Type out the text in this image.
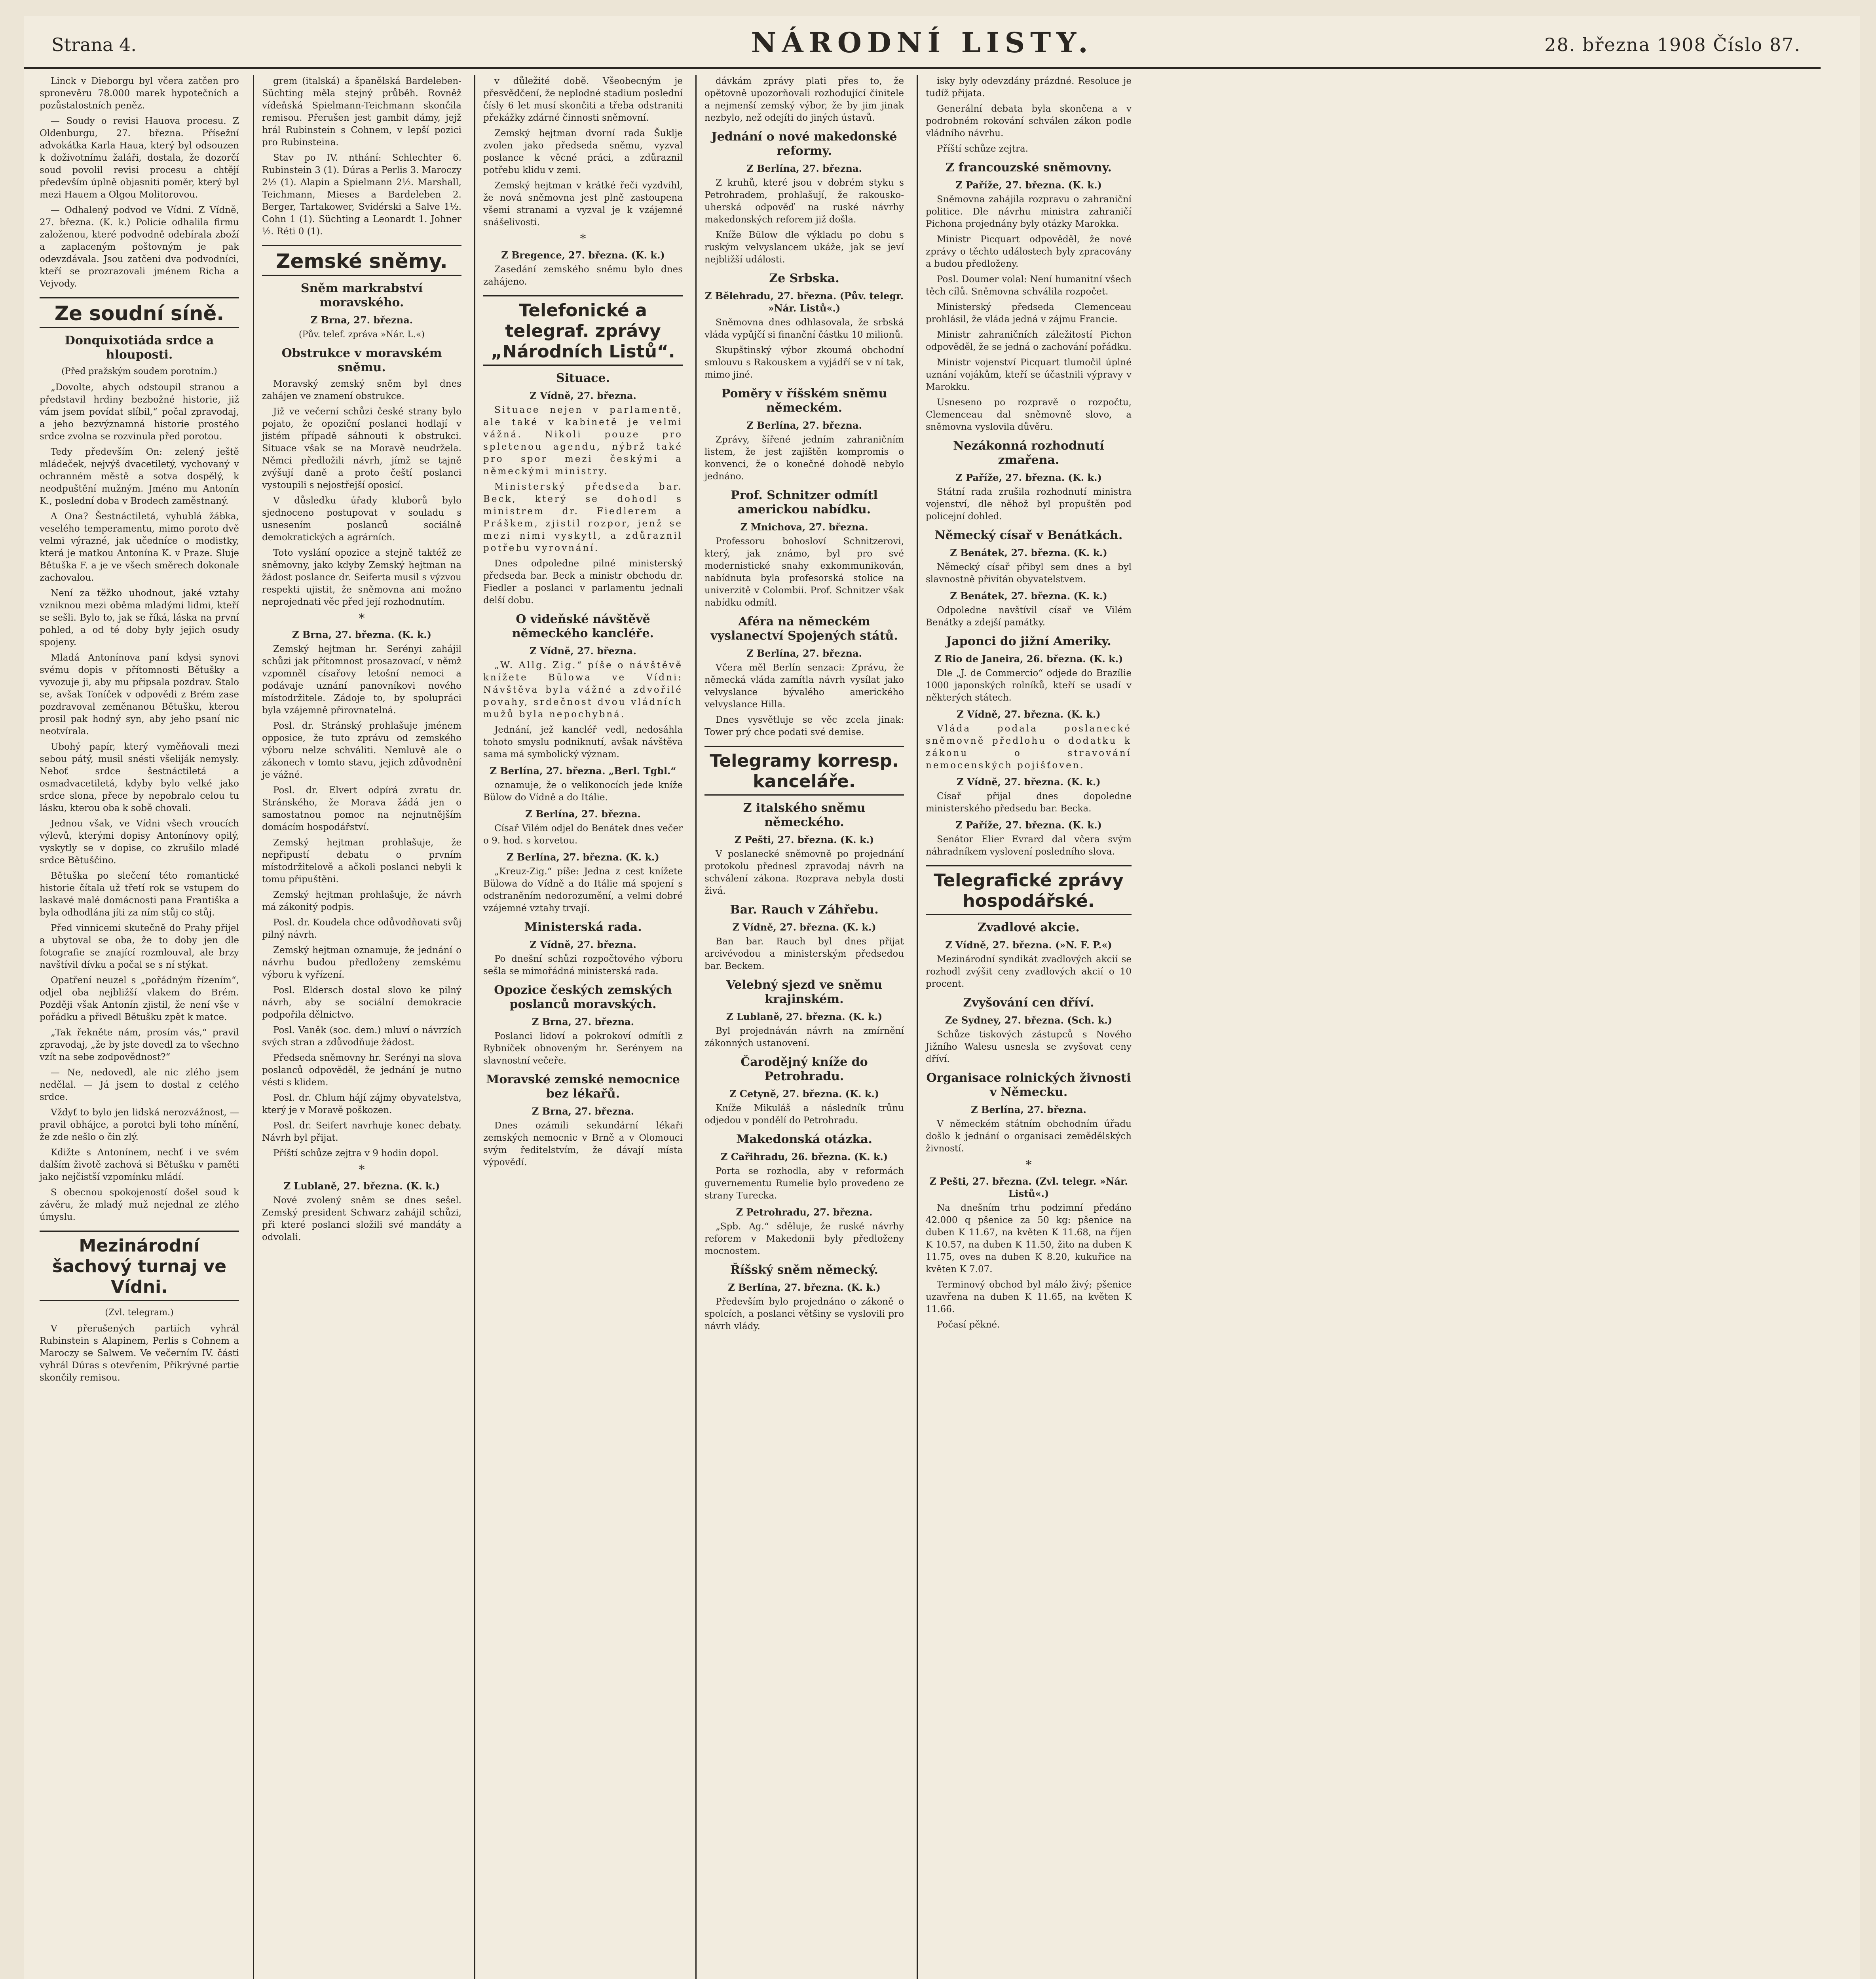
Strana 4.	NÁRODNÍ LISTY.	28. března 1908 Číslo 87.

Linck v Dieborgu byl včera zatčen pro spronevěru 78.000 marek hypotečních a pozůstalostních peněz.

— Soudy o revisi Hauova procesu. Z Oldenburgu, 27. března. Přísežní advokátka Karla Haua, který byl odsouzen k doživotnímu žaláři, dostala, že dozorčí soud povolil revisi procesu a chtějí především úplně objasniti poměr, který byl mezi Hauem a Olgou Molitorovou.

— Odhalený podvod ve Vídni. Z Vídně, 27. března. (K. k.) Policie odhalila firmu založenou, které podvodně odebírala zboží a zaplaceným poštovným je pak odevzdávala. Jsou zatčeni dva podvodníci, kteří se prozrazovali jménem Richa a Vejvody.

Ze soudní síně.
Donquixotiáda srdce a hlouposti.
(Před pražským soudem porotním.)

„Dovolte, abych odstoupil stranou a představil hrdiny bezbožné historie, již vám jsem povídat slíbil,“ počal zpravodaj, a jeho bezvýznamná historie prostého srdce zvolna se rozvinula před porotou.

Tedy především On: zelený ještě mládeček, nejvýš dvacetiletý, vychovaný v ochranném městě a sotva dospělý, k neodpuštění mužným. Jméno mu Antonín K., poslední doba v Brodech zaměstnaný.

A Ona? Šestnáctiletá, vyhublá žábka, veselého temperamentu, mimo poroto dvě velmi výrazné, jak učedníce o modistky, která je matkou Antonína K. v Praze. Sluje Bětuška F. a je ve všech směrech dokonale zachovalou.

Není za těžko uhodnout, jaké vztahy vzniknou mezi oběma mladými lidmi, kteří se sešli. Bylo to, jak se říká, láska na první pohled, a od té doby byly jejich osudy spojeny.

Mladá Antonínova paní kdysi synovi svému dopis v přítomnosti Bětušky a vyvozuje ji, aby mu připsala pozdrav. Stalo se, avšak Toníček v odpovědi z Brém zase pozdravoval zeměnanou Bětušku, kterou prosil pak hodný syn, aby jeho psaní nic neotvírala.

Ubohý papír, který vyměňovali mezi sebou pátý, musil snésti všeliják nemysly. Neboť srdce šestnáctiletá a osmadvacetiletá, kdyby bylo velké jako srdce slona, přece by nepobralo celou tu lásku, kterou oba k sobě chovali.

Jednou však, ve Vídni všech vroucích výlevů, kterými dopisy Antonínovy opilý, vyskytly se v dopise, co zkrušilo mladé srdce Bětuščino.

Bětuška po slečení této romantické historie čítala už třetí rok se vstupem do laskavé malé domácnosti pana Františka a byla odhodlána jíti za ním stůj co stůj.

Před vinnicemi skutečně do Prahy přijel a ubytoval se oba, že to doby jen dle fotografie se znající rozmlouval, ale brzy navštívil dívku a počal se s ní stýkat.

Opatření neuzel s „pořádným řízením“, odjel oba nejbližší vlakem do Brém. Později však Antonín zjistil, že není vše v pořádku a přivedl Bětušku zpět k matce.

„Tak řekněte nám, prosím vás,“ pravil zpravodaj, „že by jste dovedl za to všechno vzít na sebe zodpovědnost?“

— Ne, nedovedl, ale nic zlého jsem nedělal. — Já jsem to dostal z celého srdce.

Vždyť to bylo jen lidská nerozvážnost, — pravil obhájce, a porotci byli toho mínění, že zde nešlo o čin zlý.

Kdižte s Antonínem, nechť i ve svém dalším životě zachová si Bětušku v paměti jako nejčistší vzpomínku mládí.

S obecnou spokojeností došel soud k závěru, že mladý muž nejednal ze zlého úmyslu.

Mezinárodní šachový turnaj ve Vídni.
(Zvl. telegram.)

V přerušených partiích vyhrál Rubinstein s Alapinem, Perlis s Cohnem a Maroczy se Salwem. Ve večerním IV. části vyhrál Dúras s otevřením, Přikrývné partie skončily remisou.

grem (italská) a španělská Bardeleben-Süchting měla stejný průběh. Rovněž vídeňská Spielmann-Teichmann skončila remisou. Přerušen jest gambit dámy, jejž hrál Rubinstein s Cohnem, v lepší pozici pro Rubinsteina.

Stav po IV. nthání: Schlechter 6. Rubinstein 3 (1). Dúras a Perlis 3. Maroczy 2½ (1). Alapin a Spielmann 2½. Marshall, Teichmann, Mieses a Bardeleben 2. Berger, Tartakower, Svidérski a Salve 1½. Cohn 1 (1). Süchting a Leonardt 1. Johner ½. Réti 0 (1).

Zemské sněmy.
Sněm markrabství moravského.
Z Brna, 27. března.
(Pův. telef. zpráva »Nár. L.«)
Obstrukce v moravském sněmu.

Moravský zemský sněm byl dnes zahájen ve znamení obstrukce.

Již ve večerní schůzi české strany bylo pojato, že opoziční poslanci hodlají v jistém případě sáhnouti k obstrukci. Situace však se na Moravě neudržela. Němci předložili návrh, jímž se tajně zvýšují daně a proto čeští poslanci vystoupili s nejostřejší oposicí.

V důsledku úřady kluborů bylo sjednoceno postupovat v souladu s usnesením poslanců sociálně demokratických a agrárních.

Toto vyslání opozice a stejně taktéž ze sněmovny, jako kdyby Zemský hejtman na žádost poslance dr. Seiferta musil s výzvou respekti ujistit, že sněmovna ani možno neprojednati věc před její rozhodnutím.

*
Z Brna, 27. března. (K. k.)

Zemský hejtman hr. Serényi zahájil schůzi jak přítomnost prosazovací, v němž vzpomněl císařovy letošní nemoci a podávaje uznání panovníkovi nového místodržitele. Zádoje to, by spolupráci byla vzájemně přirovnatelná.

Posl. dr. Stránský prohlašuje jménem opposice, že tuto zprávu od zemského výboru nelze schváliti. Nemluvě ale o zákonech v tomto stavu, jejich zdůvodnění je vážné.

Posl. dr. Elvert odpírá zvratu dr. Stránského, že Morava žádá jen o samostatnou pomoc na nejnutnějším domácím hospodářství.

Zemský hejtman prohlašuje, že nepřipustí debatu o prvním místodržitelově a ačkoli poslanci nebyli k tomu připuštěni.

Zemský hejtman prohlašuje, že návrh má zákonitý podpis.

Posl. dr. Koudela chce odůvodňovati svůj pilný návrh.

Zemský hejtman oznamuje, že jednání o návrhu budou předloženy zemskému výboru k vyřízení.

Posl. Eldersch dostal slovo ke pilný návrh, aby se sociální demokracie podpořila dělnictvo.

Posl. Vaněk (soc. dem.) mluví o návrzích svých stran a zdůvodňuje žádost.

Předseda sněmovny hr. Serényi na slova poslanců odpověděl, že jednání je nutno vésti s klidem.

Posl. dr. Chlum hájí zájmy obyvatelstva, který je v Moravě poškozen.

Posl. dr. Seifert navrhuje konec debaty. Návrh byl přijat.

Příští schůze zejtra v 9 hodin dopol.

*
Z Lublaně, 27. března. (K. k.)

Nové zvolený sněm se dnes sešel. Zemský president Schwarz zahájil schůzi, při které poslanci složili své mandáty a odvolali.

v důležité době. Všeobecným je přesvědčení, že neplodné stadium poslední čísly 6 let musí skončiti a třeba odstraniti překážky zdárné činnosti sněmovní.

Zemský hejtman dvorní rada Šuklje zvolen jako předseda sněmu, vyzval poslance k věcné práci, a zdůraznil potřebu klidu v zemi.

Zemský hejtman v krátké řeči vyzdvihl, že nová sněmovna jest plně zastoupena všemi stranami a vyzval je k vzájemné snášelivosti.

*
Z Bregence, 27. března. (K. k.)

Zasedání zemského sněmu bylo dnes zahájeno.

Telefonické a telegraf. zprávy „Národních Listů“.
Situace.
Z Vídně, 27. března.

Situace nejen v parlamentě, ale také v kabinetě je velmi vážná. Nikoli pouze pro spletenou agendu, nýbrž také pro spor mezi českými a německými ministry.

Ministerský předseda bar. Beck, který se dohodl s ministrem dr. Fiedlerem a Práškem, zjistil rozpor, jenž se mezi nimi vyskytl, a zdůraznil potřebu vyrovnání.

Dnes odpoledne pilné ministerský předseda bar. Beck a ministr obchodu dr. Fiedler a poslanci v parlamentu jednali delší dobu.

O videňské návštěvě německého kancléře.
Z Vídně, 27. března.

„W. Allg. Zig.“ píše o návštěvě knížete Bülowa ve Vídni: Návštěva byla vážné a zdvořilé povahy, srdečnost dvou vládních mužů byla nepochybná.

Jednání, jež kancléř vedl, nedosáhla tohoto smyslu podniknutí, avšak návštěva sama má symbolický význam.

Z Berlína, 27. března. „Berl. Tgbl.“

oznamuje, že o velikonocích jede kníže Bülow do Vídně a do Itálie.

Z Berlína, 27. března.

Císař Vilém odjel do Benátek dnes večer o 9. hod. s korvetou.

Z Berlína, 27. března. (K. k.)

„Kreuz-Zig.“ píše: Jedna z cest knížete Bülowa do Vídně a do Itálie má spojení s odstraněním nedorozumění, a velmi dobré vzájemné vztahy trvají.

Ministerská rada.
Z Vídně, 27. března.

Po dnešní schůzi rozpočtového výboru sešla se mimořádná ministerská rada.

Opozice českých zemských poslanců moravských.
Z Brna, 27. března.

Poslanci lidoví a pokrokoví odmítli z Rybníček obnoveným hr. Serényem na slavnostní večeře.

Moravské zemské nemocnice bez lékařů.
Z Brna, 27. března.

Dnes ozámili sekundární lékaři zemských nemocnic v Brně a v Olomouci svým ředitelstvím, že dávají místa výpovědí.

dávkám zprávy plati přes to, že opětovně upozorňovali rozhodující činitele a nejmenší zemský výbor, že by jim jinak nezbylo, než odejíti do jiných ústavů.

Jednání o nové makedonské reformy.
Z Berlína, 27. března.

Z kruhů, které jsou v dobrém styku s Petrohradem, prohlašují, že rakousko-uherská odpověď na ruské návrhy makedonských reforem již došla.

Kníže Bülow dle výkladu po dobu s ruským velvyslancem ukáže, jak se jeví nejbližší události.

Ze Srbska.
Z Bělehradu, 27. března. (Pův. telegr. »Nár. Listů«.)

Sněmovna dnes odhlasovala, že srbská vláda vypůjčí si finanční částku 10 milionů.

Skupštinský výbor zkoumá obchodní smlouvu s Rakouskem a vyjádří se v ní tak, mimo jiné.

Poměry v říšském sněmu německém.
Z Berlína, 27. března.

Zprávy, šířené jedním zahraničním listem, že jest zajištěn kompromis o konvenci, že o konečné dohodě nebylo jednáno.

Prof. Schnitzer odmítl americkou nabídku.
Z Mnichova, 27. března.

Professoru bohosloví Schnitzerovi, který, jak známo, byl pro své modernistické snahy exkommunikován, nabídnuta byla profesorská stolice na univerzitě v Colombii. Prof. Schnitzer však nabídku odmítl.

Aféra na německém vyslanectví Spojených států.
Z Berlína, 27. března.

Včera měl Berlín senzaci: Zprávu, že německá vláda zamítla návrh vysílat jako velvyslance bývalého amerického velvyslance Hilla.

Dnes vysvětluje se věc zcela jinak: Tower prý chce podati své demise.

Telegramy korresp. kanceláře.
Z italského sněmu německého.
Z Pešti, 27. března. (K. k.)

V poslanecké sněmovně po projednání protokolu přednesl zpravodaj návrh na schválení zákona. Rozprava nebyla dosti živá.

Bar. Rauch v Záhřebu.
Z Vídně, 27. března. (K. k.)

Ban bar. Rauch byl dnes přijat arcivévodou a ministerským předsedou bar. Beckem.

Velebný sjezd ve sněmu krajinském.
Z Lublaně, 27. března. (K. k.)

Byl projednáván návrh na zmírnění zákonných ustanovení.

Čarodějný kníže do Petrohradu.
Z Cetyně, 27. března. (K. k.)

Kníže Mikuláš a následník trůnu odjedou v pondělí do Petrohradu.

Makedonská otázka.
Z Cařihradu, 26. března. (K. k.)

Porta se rozhodla, aby v reformách guvernementu Rumelie bylo provedeno ze strany Turecka.

Z Petrohradu, 27. března.

„Spb. Ag.“ sděluje, že ruské návrhy reforem v Makedonii byly předloženy mocnostem.

Říšský sněm německý.
Z Berlína, 27. března. (K. k.)

Především bylo projednáno o zákoně o spolcích, a poslanci většiny se vyslovili pro návrh vlády.

isky byly odevzdány prázdné. Resoluce je tudíž přijata.

Generální debata byla skončena a v podrobném rokování schválen zákon podle vládního návrhu.

Příští schůze zejtra.

Z francouzské sněmovny.
Z Paříže, 27. března. (K. k.)

Sněmovna zahájila rozpravu o zahraniční politice. Dle návrhu ministra zahraničí Pichona projednány byly otázky Marokka.

Ministr Picquart odpověděl, že nové zprávy o těchto událostech byly zpracovány a budou předloženy.

Posl. Doumer volal: Není humanitní všech těch cílů. Sněmovna schválila rozpočet.

Ministerský předseda Clemenceau prohlásil, že vláda jedná v zájmu Francie.

Ministr zahraničních záležitostí Pichon odpověděl, že se jedná o zachování pořádku.

Ministr vojenství Picquart tlumočil úplné uznání vojákům, kteří se účastnili výpravy v Marokku.

Usneseno po rozpravě o rozpočtu, Clemenceau dal sněmovně slovo, a sněmovna vyslovila důvěru.

Nezákonná rozhodnutí zmařena.
Z Paříže, 27. března. (K. k.)

Státní rada zrušila rozhodnutí ministra vojenství, dle něhož byl propuštěn pod policejní dohled.

Německý císař v Benátkách.
Z Benátek, 27. března. (K. k.)

Německý císař přibyl sem dnes a byl slavnostně přivítán obyvatelstvem.

Z Benátek, 27. března. (K. k.)

Odpoledne navštívil císař ve Vilém Benátky a zdejší památky.

Japonci do jižní Ameriky.
Z Rio de Janeira, 26. března. (K. k.)

Dle „J. de Commercio“ odjede do Brazílie 1000 japonských rolníků, kteří se usadí v některých státech.

Z Vídně, 27. března. (K. k.)

Vláda podala poslanecké sněmovně předlohu o dodatku k zákonu o stravování nemocenských pojišťoven.

Z Vídně, 27. března. (K. k.)

Císař přijal dnes dopoledne ministerského předsedu bar. Becka.

Z Paříže, 27. března. (K. k.)

Senátor Elier Evrard dal včera svým náhradníkem vyslovení posledního slova.

Telegrafické zprávy hospodářské.
Zvadlové akcie.
Z Vídně, 27. března. (»N. F. P.«)

Mezinárodní syndikát zvadlových akcií se rozhodl zvýšit ceny zvadlových akcií o 10 procent.

Zvyšování cen dříví.
Ze Sydney, 27. března. (Sch. k.)

Schůze tiskových zástupců s Nového Jižního Walesu usnesla se zvyšovat ceny dříví.

Organisace rolnických živnosti v Německu.
Z Berlína, 27. března.

V německém státním obchodním úřadu došlo k jednání o organisaci zemědělských živností.

*
Z Pešti, 27. března. (Zvl. telegr. »Nár. Listů«.)

Na dnešním trhu podzimní předáno 42.000 q pšenice za 50 kg: pšenice na duben K 11.67, na květen K 11.68, na říjen K 10.57, na duben K 11.50, žito na duben K 11.75, oves na duben K 8.20, kukuřice na květen K 7.07.

Terminový obchod byl málo živý; pšenice uzavřena na duben K 11.65, na květen K 11.66.

Počasí pěkné.
